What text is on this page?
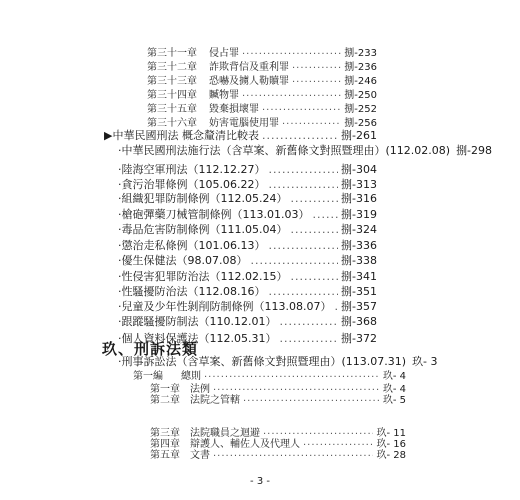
第三十一章 侵占罪 .....	捌-233
第三十二章 詐欺背信及重利罪 .....	捌-236
第三十三章 恐嚇及擄人勒贖罪 .....	捌-246
第三十四章 贓物罪 .....	捌-250
第三十五章 毀棄損壞罪 .....	捌-252
第三十六章 妨害電腦使用罪 .....	捌-256
▶中華民國刑法 概念釐清比較表 .....	捌-261
‧中華民國刑法施行法（含草案、新舊條文對照暨理由）(112.02.08) 捌-298
‧陸海空軍刑法（112.12.27） .....	捌-304
‧貪污治罪條例（105.06.22） .....	捌-313
‧組織犯罪防制條例（112.05.24） .....	捌-316
‧槍砲彈藥刀械管制條例（113.01.03） .....	捌-319
‧毒品危害防制條例（111.05.04） .....	捌-324
‧懲治走私條例（101.06.13） .....	捌-336
‧優生保健法（98.07.08） .....	捌-338
‧性侵害犯罪防治法（112.02.15） .....	捌-341
‧性騷擾防治法（112.08.16） .....	捌-351
‧兒童及少年性剝削防制條例（113.08.07） ..... 捌-357
‧跟蹤騷擾防制法（110.12.01） .....	捌-368
‧個人資料保護法（112.05.31） .....	捌-372
玖、刑訴法類
‧刑事訴訟法（含草案、新舊條文對照暨理由）(113.07.31) 玖- 3
第一編 總則 .....	玖- 4
第一章 法例 .....	玖- 4
第二章 法院之管轄 .....	玖- 5
- 3 -
第三章 法院職員之迴避 .....	玖- 11
第四章 辯護人、輔佐人及代理人 .....	玖- 16
第五章 文書 .....	玖- 28
